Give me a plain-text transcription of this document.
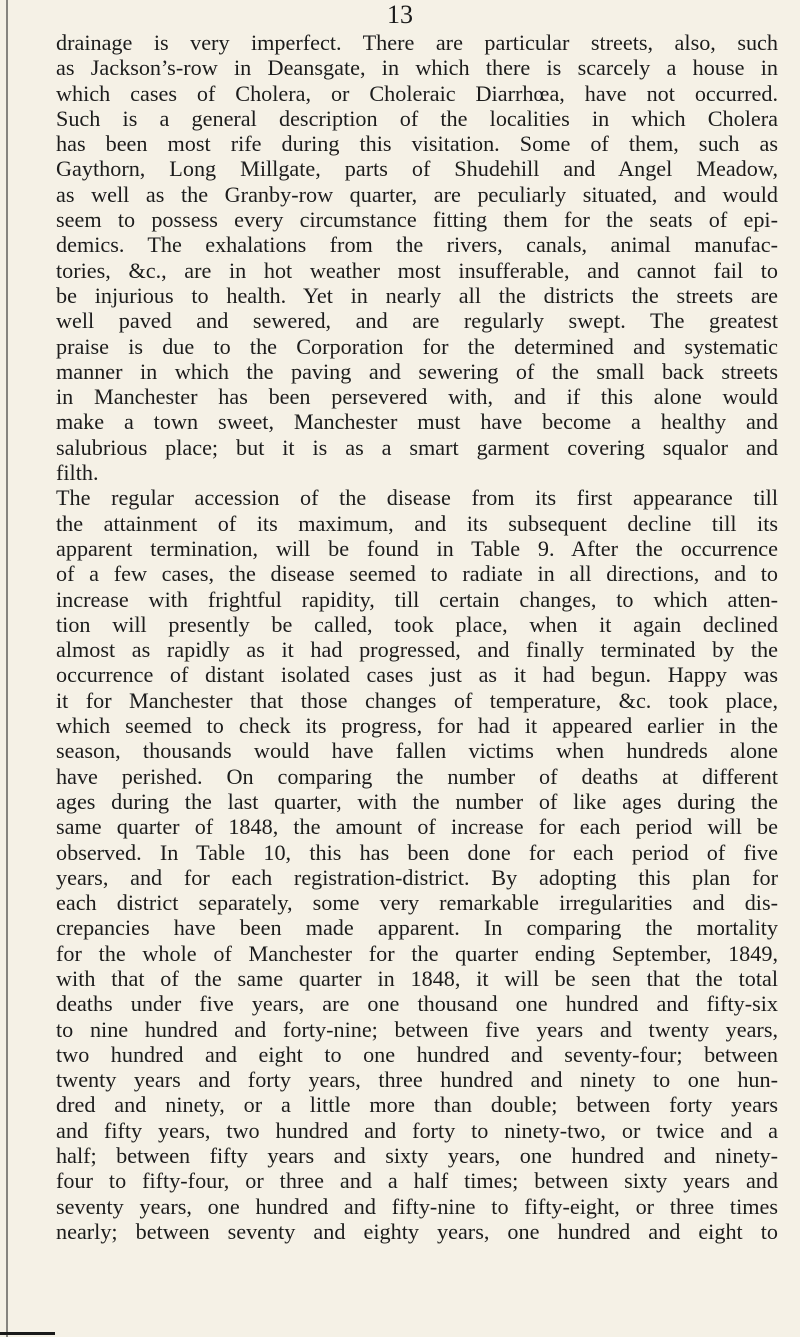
13
drainage is very imperfect. There are particular streets, also, such
as Jackson’s-row in Deansgate, in which there is scarcely a house in
which cases of Cholera, or Choleraic Diarrhœa, have not occurred.
Such is a general description of the localities in which Cholera
has been most rife during this visitation. Some of them, such as
Gaythorn, Long Millgate, parts of Shudehill and Angel Meadow,
as well as the Granby-row quarter, are peculiarly situated, and would
seem to possess every circumstance fitting them for the seats of epi-
demics. The exhalations from the rivers, canals, animal manufac-
tories, &c., are in hot weather most insufferable, and cannot fail to
be injurious to health. Yet in nearly all the districts the streets are
well paved and sewered, and are regularly swept. The greatest
praise is due to the Corporation for the determined and systematic
manner in which the paving and sewering of the small back streets
in Manchester has been persevered with, and if this alone would
make a town sweet, Manchester must have become a healthy and
salubrious place; but it is as a smart garment covering squalor and
filth.
The regular accession of the disease from its first appearance till
the attainment of its maximum, and its subsequent decline till its
apparent termination, will be found in Table 9. After the occurrence
of a few cases, the disease seemed to radiate in all directions, and to
increase with frightful rapidity, till certain changes, to which atten-
tion will presently be called, took place, when it again declined
almost as rapidly as it had progressed, and finally terminated by the
occurrence of distant isolated cases just as it had begun. Happy was
it for Manchester that those changes of temperature, &c. took place,
which seemed to check its progress, for had it appeared earlier in the
season, thousands would have fallen victims when hundreds alone
have perished. On comparing the number of deaths at different
ages during the last quarter, with the number of like ages during the
same quarter of 1848, the amount of increase for each period will be
observed. In Table 10, this has been done for each period of five
years, and for each registration-district. By adopting this plan for
each district separately, some very remarkable irregularities and dis-
crepancies have been made apparent. In comparing the mortality
for the whole of Manchester for the quarter ending September, 1849,
with that of the same quarter in 1848, it will be seen that the total
deaths under five years, are one thousand one hundred and fifty-six
to nine hundred and forty-nine; between five years and twenty years,
two hundred and eight to one hundred and seventy-four; between
twenty years and forty years, three hundred and ninety to one hun-
dred and ninety, or a little more than double; between forty years
and fifty years, two hundred and forty to ninety-two, or twice and a
half; between fifty years and sixty years, one hundred and ninety-
four to fifty-four, or three and a half times; between sixty years and
seventy years, one hundred and fifty-nine to fifty-eight, or three times
nearly; between seventy and eighty years, one hundred and eight to
